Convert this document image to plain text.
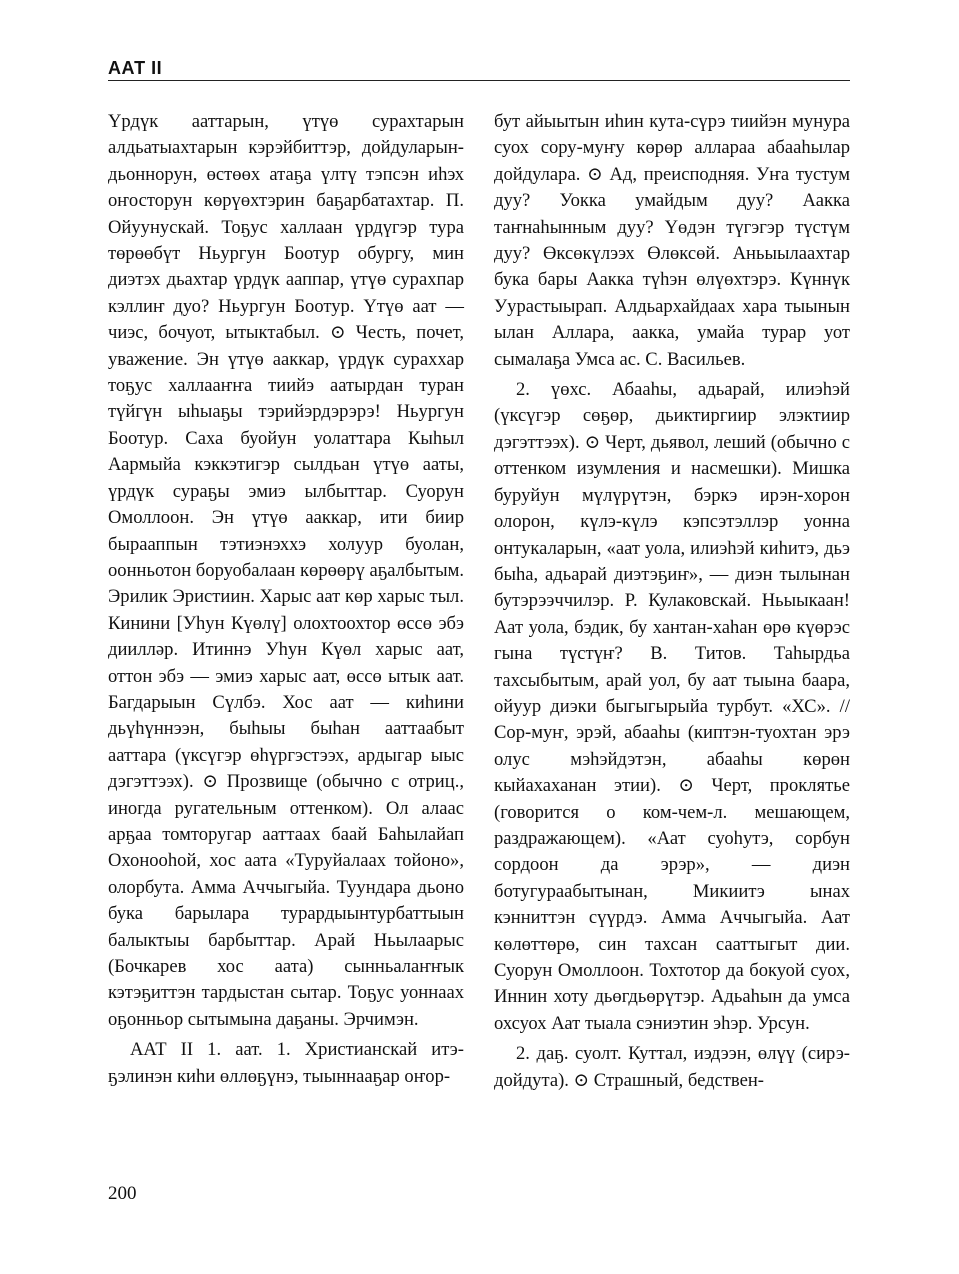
ААТ II

Үрдүк ааттарын, үтүө сурахтарын алдьатыахтарын кэрэйбиттэр, дойдуларын-дьоннорун, өстөөх атаҕа үлтү тэпсэн иһэх оҥосторун көрүөхтэрин баҕарбатахтар. П. Ойуунускай. Тоҕус халлаан үрдүгэр тура төрөөбүт Ньургун Боотур обургу, мин диэтэх дьахтар үрдүк ааппар, үтүө сурахпар кэллиҥ дуо? Ньургун Боотур. Үтүө аат — чиэс, бочуот, ытыктабыл. ⊙ Честь, почет, уважение. Эн үтүө ааккар, үрдүк сураххар тоҕус халлааҥҥа тиийэ аатырдан туран түйгүн ыһыаҕы тэрийэрдэрэрэ! Ньургун Боотур. Саха буойун уолаттара Кыһыл Аармыйа кэккэтигэр сылдьан үтүө ааты, үрдүк сураҕы эмиэ ылбыттар. Суорун Омоллоон. Эн үтүө ааккар, ити биир бырааппын тэтиэнэххэ холуур буолан, оонньотон боруобалаан көрөөрү аҕалбытым. Эрилик Эристиин. Харыс аат көр харыс тыл. Кинини [Уһун Күөлү] олохтоохтор өссө эбэ диилләр. Итиннэ Уһун Күөл харыс аат, оттон эбэ — эмиэ харыс аат, өссө ытык аат. Багдарыын Сүлбэ. Хос аат — киһини дьүһүннээн, быһыы быһан ааттаабыт ааттара (үксүгэр өһүргэстээх, ардыгар ыыс дэгэттээх). ⊙ Прозвище (обычно с отриц., иногда ругательным оттенком). Ол алаас арҕаа томторугар ааттаах баай Баһылайап Охонооһой, хос аата «Туруйалаах тойоно», олорбута. Амма Аччыгыйа. Туундара дьоно бука барылара турардыынтурбаттыын балыктыы барбыттар. Арай Ньылаарыс (Бочкарев хос аата) сынньалаҥҥык кэтэҕиттэн тардыстан сытар. Тоҕус уоннаах оҕонньор сытымына даҕаны. Эрчимэн.

ААТ II 1. аат. 1. Христианскай итэҕэлинэн киһи өллөҕүнэ, тыыннааҕар оҥор-

бут айыытын иһин кута-сүрэ тиийэн мунура суох сору-муҥу көрөр алларaa абааһылар дойдулара. ⊙ Ад, преисподняя. Уҥа тустум дуу? Уокка умайдым дуу? Аакка таҥнаһынным дуу? Үөдэн түгэгэр түстүм дуу? Өксөкүлээх Өлөксөй. Аньыылаахтар бука бары Аакка түһэн өлүөхтэрэ. Күннүк Уурастыырап. Алдьархайдаах хара тыынын ылан Аллара, аакка, умайа турар уот сымалаҕа Умса ас. С. Васильев.

2. үөхс. Абааһы, адьарай, илиэһэй (үксүгэр сөҕөр, дьиктиргиир элэктиир дэгэттээх). ⊙ Черт, дьявол, леший (обычно с оттенком изумления и насмешки). Мишка буруйун мүлүрүтэн, бэркэ ирэн-хорон олорон, күлэ-күлэ кэпсэтэллэр уонна онтукаларын, «аат уола, илиэһэй киһитэ, дьэ быһа, адьарай диэтэҕиҥ», — диэн тылынан бутэрээччилэр. Ρ. Кулаковскай. Ньыыкаан! Аат уола, бэдик, бу хантан-хаһан өрө күөрэс гына түстүҥ? В. Титов. Таһырдьа тахсыбытым, арай уол, бу аат тыына баара, ойуур диэки быгыгырыйа турбут. «ХС». // Сор-муҥ, эрэй, абааһы (киптэн-туохтан эрэ олус мэһэйдэтэн, абааһы көрөн кыйахаханан этии). ⊙ Черт, проклятье (говорится о ком-чем-л. мешающем, раздражающем). «Аат суоһутэ, сорбун сордоон да эрэр», — диэн ботугураабытынан, Микиитэ ынах кэнниттэн сүүрдэ. Амма Аччыгыйа. Аат көлөттөрө, син тахсан сааттыгыт дии. Суорун Омоллоон. Тохтотор да бокуой суох, Иннин хоту дьөгдьөрүтэр. Адьаһын да умса охсуох Аат тыала сэниэтин эһэр. Урсун.

2. даҕ. суолт. Куттал, иэдээн, өлүү (сирэ-дойдута). ⊙ Страшный, бедствен-

200
